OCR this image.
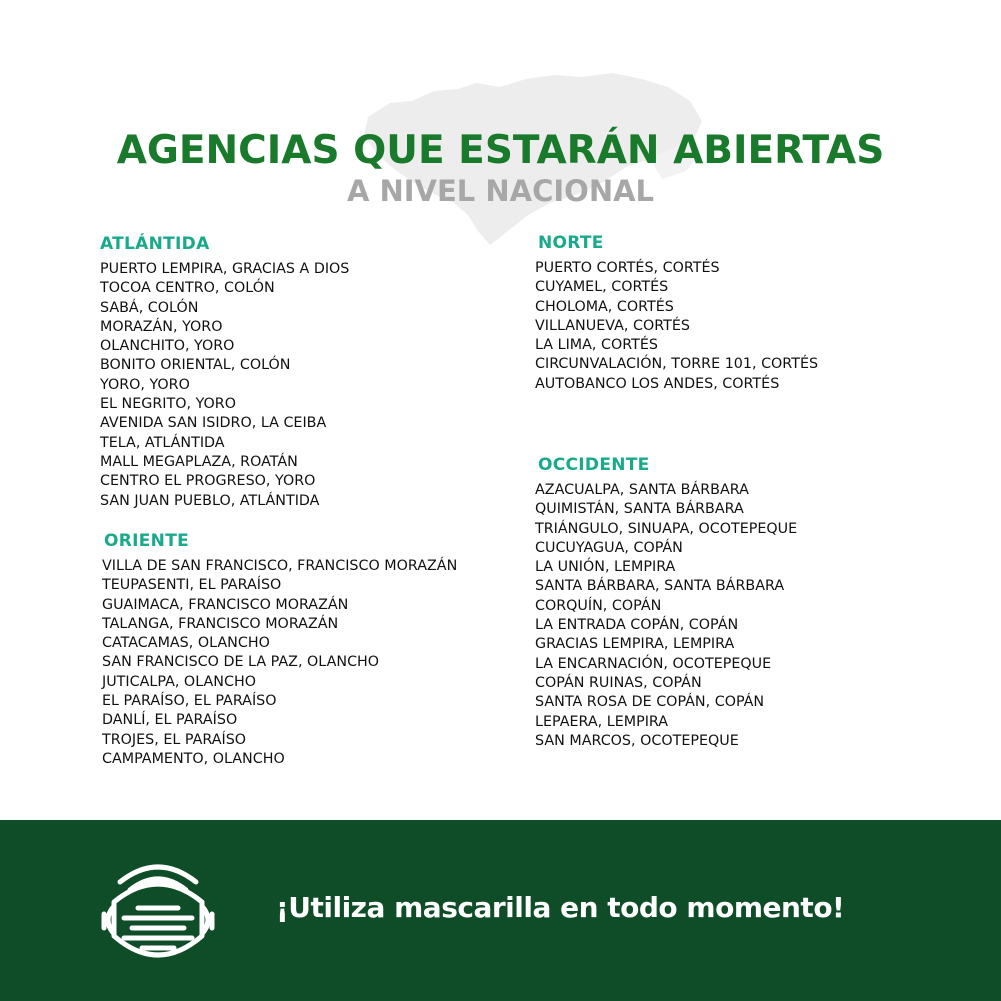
AGENCIAS QUE ESTARÁN ABIERTAS
A NIVEL NACIONAL
ATLÁNTIDA
PUERTO LEMPIRA, GRACIAS A DIOS
TOCOA CENTRO, COLÓN
SABÁ, COLÓN
MORAZÁN, YORO
OLANCHITO, YORO
BONITO ORIENTAL, COLÓN
YORO, YORO
EL NEGRITO, YORO
AVENIDA SAN ISIDRO, LA CEIBA
TELA, ATLÁNTIDA
MALL MEGAPLAZA, ROATÁN
CENTRO EL PROGRESO, YORO
SAN JUAN PUEBLO, ATLÁNTIDA
ORIENTE
VILLA DE SAN FRANCISCO, FRANCISCO MORAZÁN
TEUPASENTI, EL PARAÍSO
GUAIMACA, FRANCISCO MORAZÁN
TALANGA, FRANCISCO MORAZÁN
CATACAMAS, OLANCHO
SAN FRANCISCO DE LA PAZ, OLANCHO
JUTICALPA, OLANCHO
EL PARAÍSO, EL PARAÍSO
DANLÍ, EL PARAÍSO
TROJES, EL PARAÍSO
CAMPAMENTO, OLANCHO
NORTE
PUERTO CORTÉS, CORTÉS
CUYAMEL, CORTÉS
CHOLOMA, CORTÉS
VILLANUEVA, CORTÉS
LA LIMA, CORTÉS
CIRCUNVALACIÓN, TORRE 101, CORTÉS
AUTOBANCO LOS ANDES, CORTÉS
OCCIDENTE
AZACUALPA, SANTA BÁRBARA
QUIMISTÁN, SANTA BÁRBARA
TRIÁNGULO, SINUAPA, OCOTEPEQUE
CUCUYAGUA, COPÁN
LA UNIÓN, LEMPIRA
SANTA BÁRBARA, SANTA BÁRBARA
CORQUÍN, COPÁN
LA ENTRADA COPÁN, COPÁN
GRACIAS LEMPIRA, LEMPIRA
LA ENCARNACIÓN, OCOTEPEQUE
COPÁN RUINAS, COPÁN
SANTA ROSA DE COPÁN, COPÁN
LEPAERA, LEMPIRA
SAN MARCOS, OCOTEPEQUE

¡Utiliza mascarilla en todo momento!
